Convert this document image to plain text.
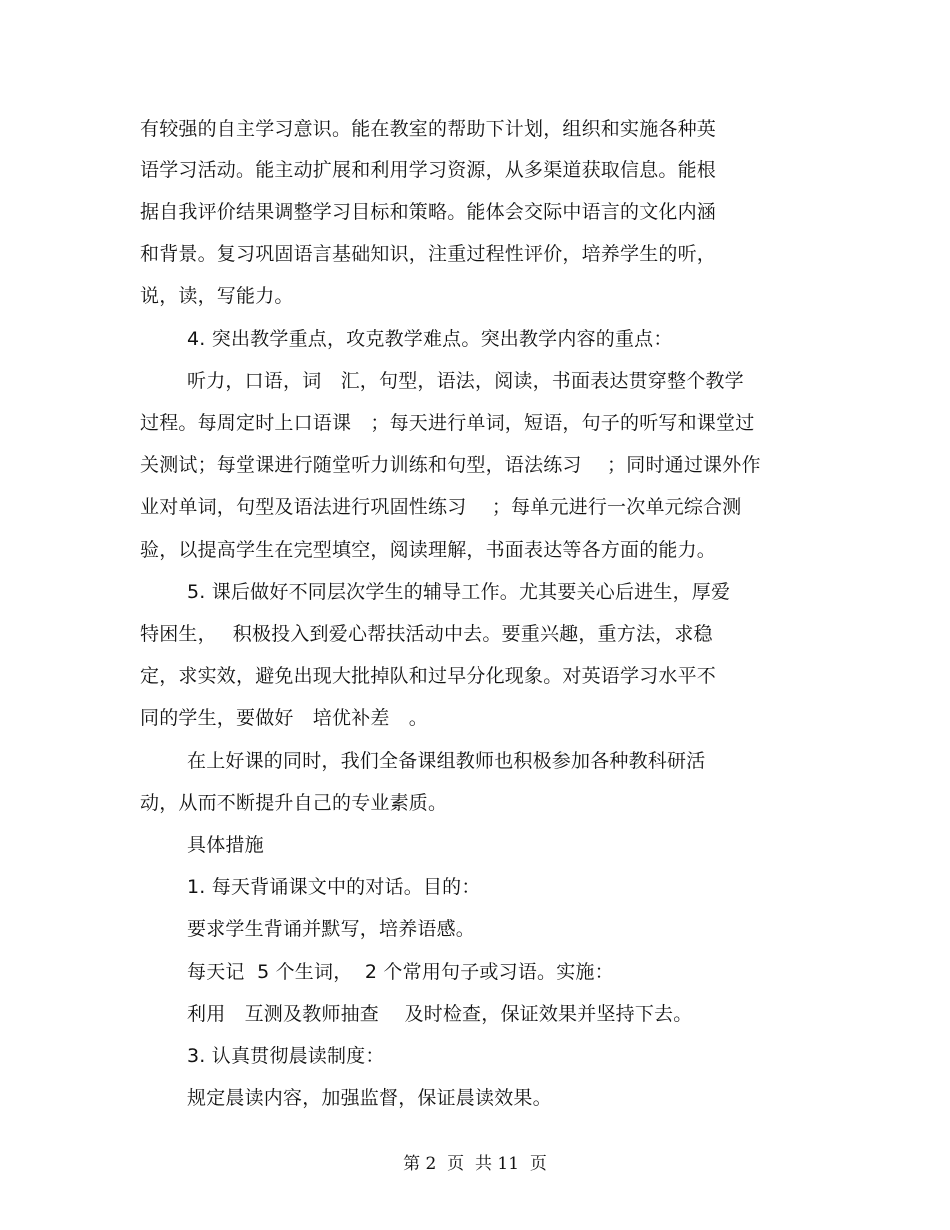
有较强的自主学习意识。能在教室的帮助下计划，组织和实施各种英
语学习活动。能主动扩展和利用学习资源，从多渠道获取信息。能根
据自我评价结果调整学习目标和策略。能体会交际中语言的文化内涵
和背景。复习巩固语言基础知识，注重过程性评价，培养学生的听，
说，读，写能力。
4. 突出教学重点，攻克教学难点。突出教学内容的重点：
听力，口语，词　汇，句型，语法，阅读，书面表达贯穿整个教学
过程。每周定时上口语课　；每天进行单词，短语，句子的听写和课堂过
关测试；每堂课进行随堂听力训练和句型，语法练习　 ；同时通过课外作
业对单词，句型及语法进行巩固性练习　 ；每单元进行一次单元综合测
验，以提高学生在完型填空，阅读理解，书面表达等各方面的能力。
5. 课后做好不同层次学生的辅导工作。尤其要关心后进生，厚爱
特困生，　 积极投入到爱心帮扶活动中去。要重兴趣，重方法，求稳
定，求实效，避免出现大批掉队和过早分化现象。对英语学习水平不
同的学生，要做好　培优补差　。
在上好课的同时，我们全备课组教师也积极参加各种教科研活
动，从而不断提升自己的专业素质。
具体措施
1. 每天背诵课文中的对话。目的：
要求学生背诵并默写，培养语感。
每天记  5 个生词，  2 个常用句子或习语。实施：
利用　互测及教师抽查　 及时检查，保证效果并坚持下去。
3. 认真贯彻晨读制度：
规定晨读内容，加强监督，保证晨读效果。
第 2  页  共 11  页
